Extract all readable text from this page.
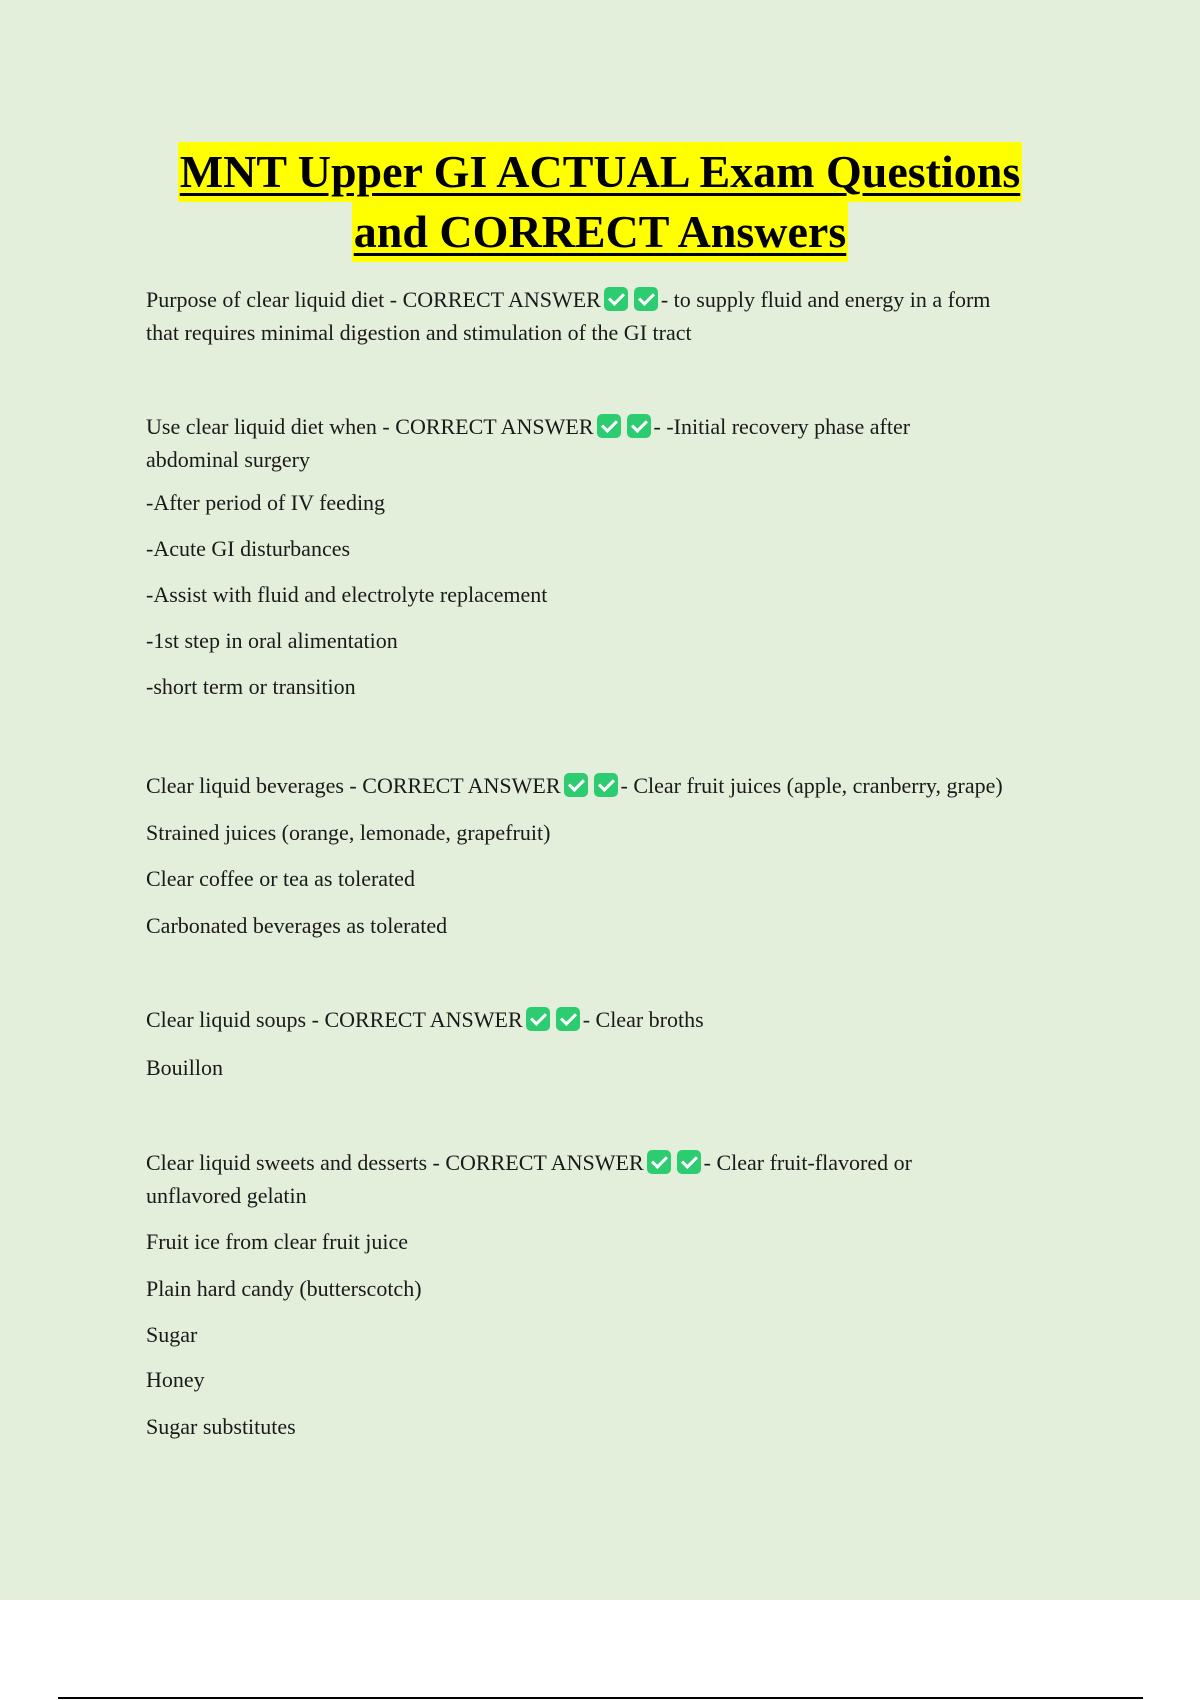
MNT Upper GI ACTUAL Exam Questions
and CORRECT Answers

Purpose of clear liquid diet - CORRECT ANSWER	- to supply fluid and energy in a form
that requires minimal digestion and stimulation of the GI tract

Use clear liquid diet when - CORRECT ANSWER	- -Initial recovery phase after
abdominal surgery

-After period of IV feeding

-Acute GI disturbances

-Assist with fluid and electrolyte replacement

-1st step in oral alimentation

-short term or transition

Clear liquid beverages - CORRECT ANSWER	- Clear fruit juices (apple, cranberry, grape)

Strained juices (orange, lemonade, grapefruit)

Clear coffee or tea as tolerated

Carbonated beverages as tolerated

Clear liquid soups - CORRECT ANSWER	- Clear broths

Bouillon

Clear liquid sweets and desserts - CORRECT ANSWER	- Clear fruit-flavored or
unflavored gelatin

Fruit ice from clear fruit juice

Plain hard candy (butterscotch)

Sugar

Honey

Sugar substitutes
